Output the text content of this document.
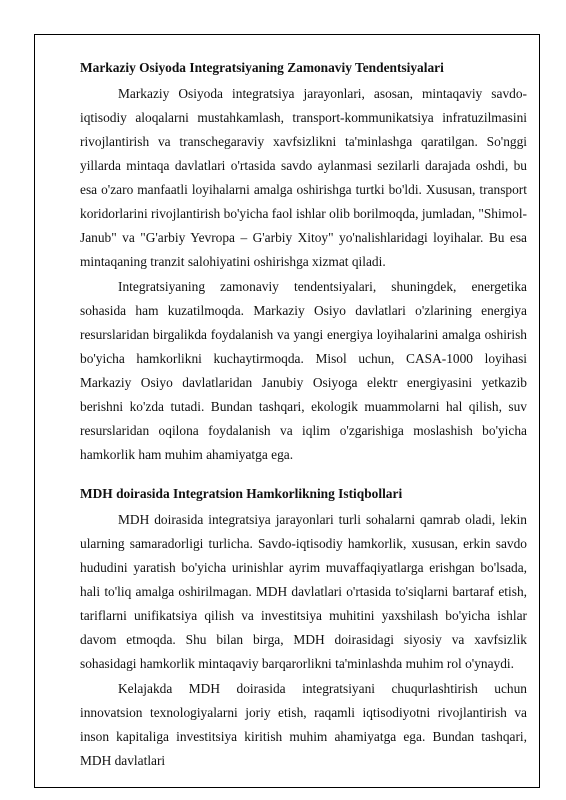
Markaziy Osiyoda Integratsiyaning Zamonaviy Tendentsiyalari

Markaziy Osiyoda integratsiya jarayonlari, asosan, mintaqaviy savdo-iqtisodiy aloqalarni mustahkamlash, transport-kommunikatsiya infratuzilmasini rivojlantirish va transchegaraviy xavfsizlikni ta'minlashga qaratilgan. So'nggi yillarda mintaqa davlatlari o'rtasida savdo aylanmasi sezilarli darajada oshdi, bu esa o'zaro manfaatli loyihalarni amalga oshirishga turtki bo'ldi. Xususan, transport koridorlarini rivojlantirish bo'yicha faol ishlar olib borilmoqda, jumladan, "Shimol-Janub" va "G'arbiy Yevropa – G'arbiy Xitoy" yo'nalishlaridagi loyihalar. Bu esa mintaqaning tranzit salohiyatini oshirishga xizmat qiladi.

Integratsiyaning zamonaviy tendentsiyalari, shuningdek, energetika sohasida ham kuzatilmoqda. Markaziy Osiyo davlatlari o'zlarining energiya resurslaridan birgalikda foydalanish va yangi energiya loyihalarini amalga oshirish bo'yicha hamkorlikni kuchaytirmoqda. Misol uchun, CASA-1000 loyihasi Markaziy Osiyo davlatlaridan Janubiy Osiyoga elektr energiyasini yetkazib berishni ko'zda tutadi. Bundan tashqari, ekologik muammolarni hal qilish, suv resurslaridan oqilona foydalanish va iqlim o'zgarishiga moslashish bo'yicha hamkorlik ham muhim ahamiyatga ega.

MDH doirasida Integratsion Hamkorlikning Istiqbollari

MDH doirasida integratsiya jarayonlari turli sohalarni qamrab oladi, lekin ularning samaradorligi turlicha. Savdo-iqtisodiy hamkorlik, xususan, erkin savdo hududini yaratish bo'yicha urinishlar ayrim muvaffaqiyatlarga erishgan bo'lsada, hali to'liq amalga oshirilmagan. MDH davlatlari o'rtasida to'siqlarni bartaraf etish, tariflarni unifikatsiya qilish va investitsiya muhitini yaxshilash bo'yicha ishlar davom etmoqda. Shu bilan birga, MDH doirasidagi siyosiy va xavfsizlik sohasidagi hamkorlik mintaqaviy barqarorlikni ta'minlashda muhim rol o'ynaydi.

Kelajakda MDH doirasida integratsiyani chuqurlashtirish uchun innovatsion texnologiyalarni joriy etish, raqamli iqtisodiyotni rivojlantirish va inson kapitaliga investitsiya kiritish muhim ahamiyatga ega. Bundan tashqari, MDH davlatlari
